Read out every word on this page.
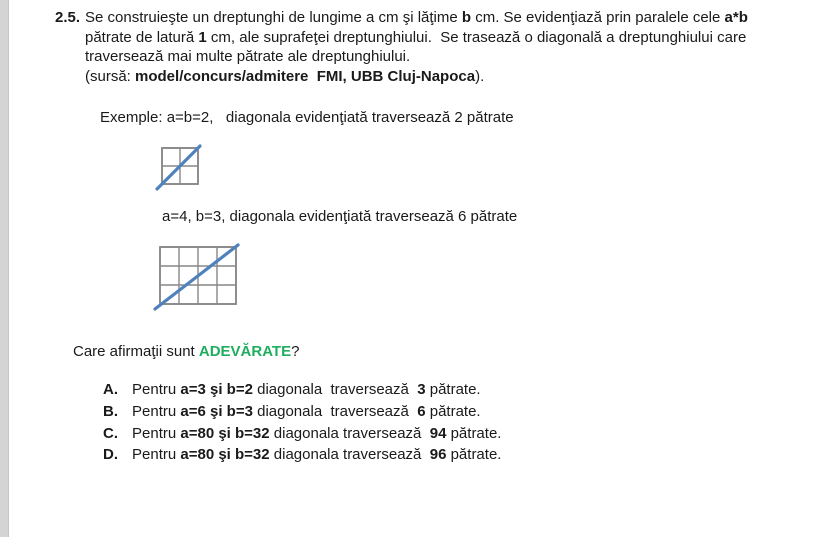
2.5. Se construieşte un dreptunghi de lungime a cm şi lăţime b cm. Se evidenţiază prin paralele cele a*b
pătrate de latură 1 cm, ale suprafeţei dreptunghiului.  Se trasează o diagonală a dreptunghiului care
traversează mai multe pătrate ale dreptunghiului.
(sursă: model/concurs/admitere  FMI, UBB Cluj-Napoca).
Exemple: a=b=2,   diagonala evidenţiată traversează 2 pătrate
a=4, b=3, diagonala evidenţiată traversează 6 pătrate
Care afirmaţii sunt ADEVĂRATE?
A. Pentru a=3 şi b=2 diagonala  traversează  3 pătrate.
B. Pentru a=6 şi b=3 diagonala  traversează  6 pătrate.
C. Pentru a=80 şi b=32 diagonala traversează  94 pătrate.
D. Pentru a=80 şi b=32 diagonala traversează  96 pătrate.
